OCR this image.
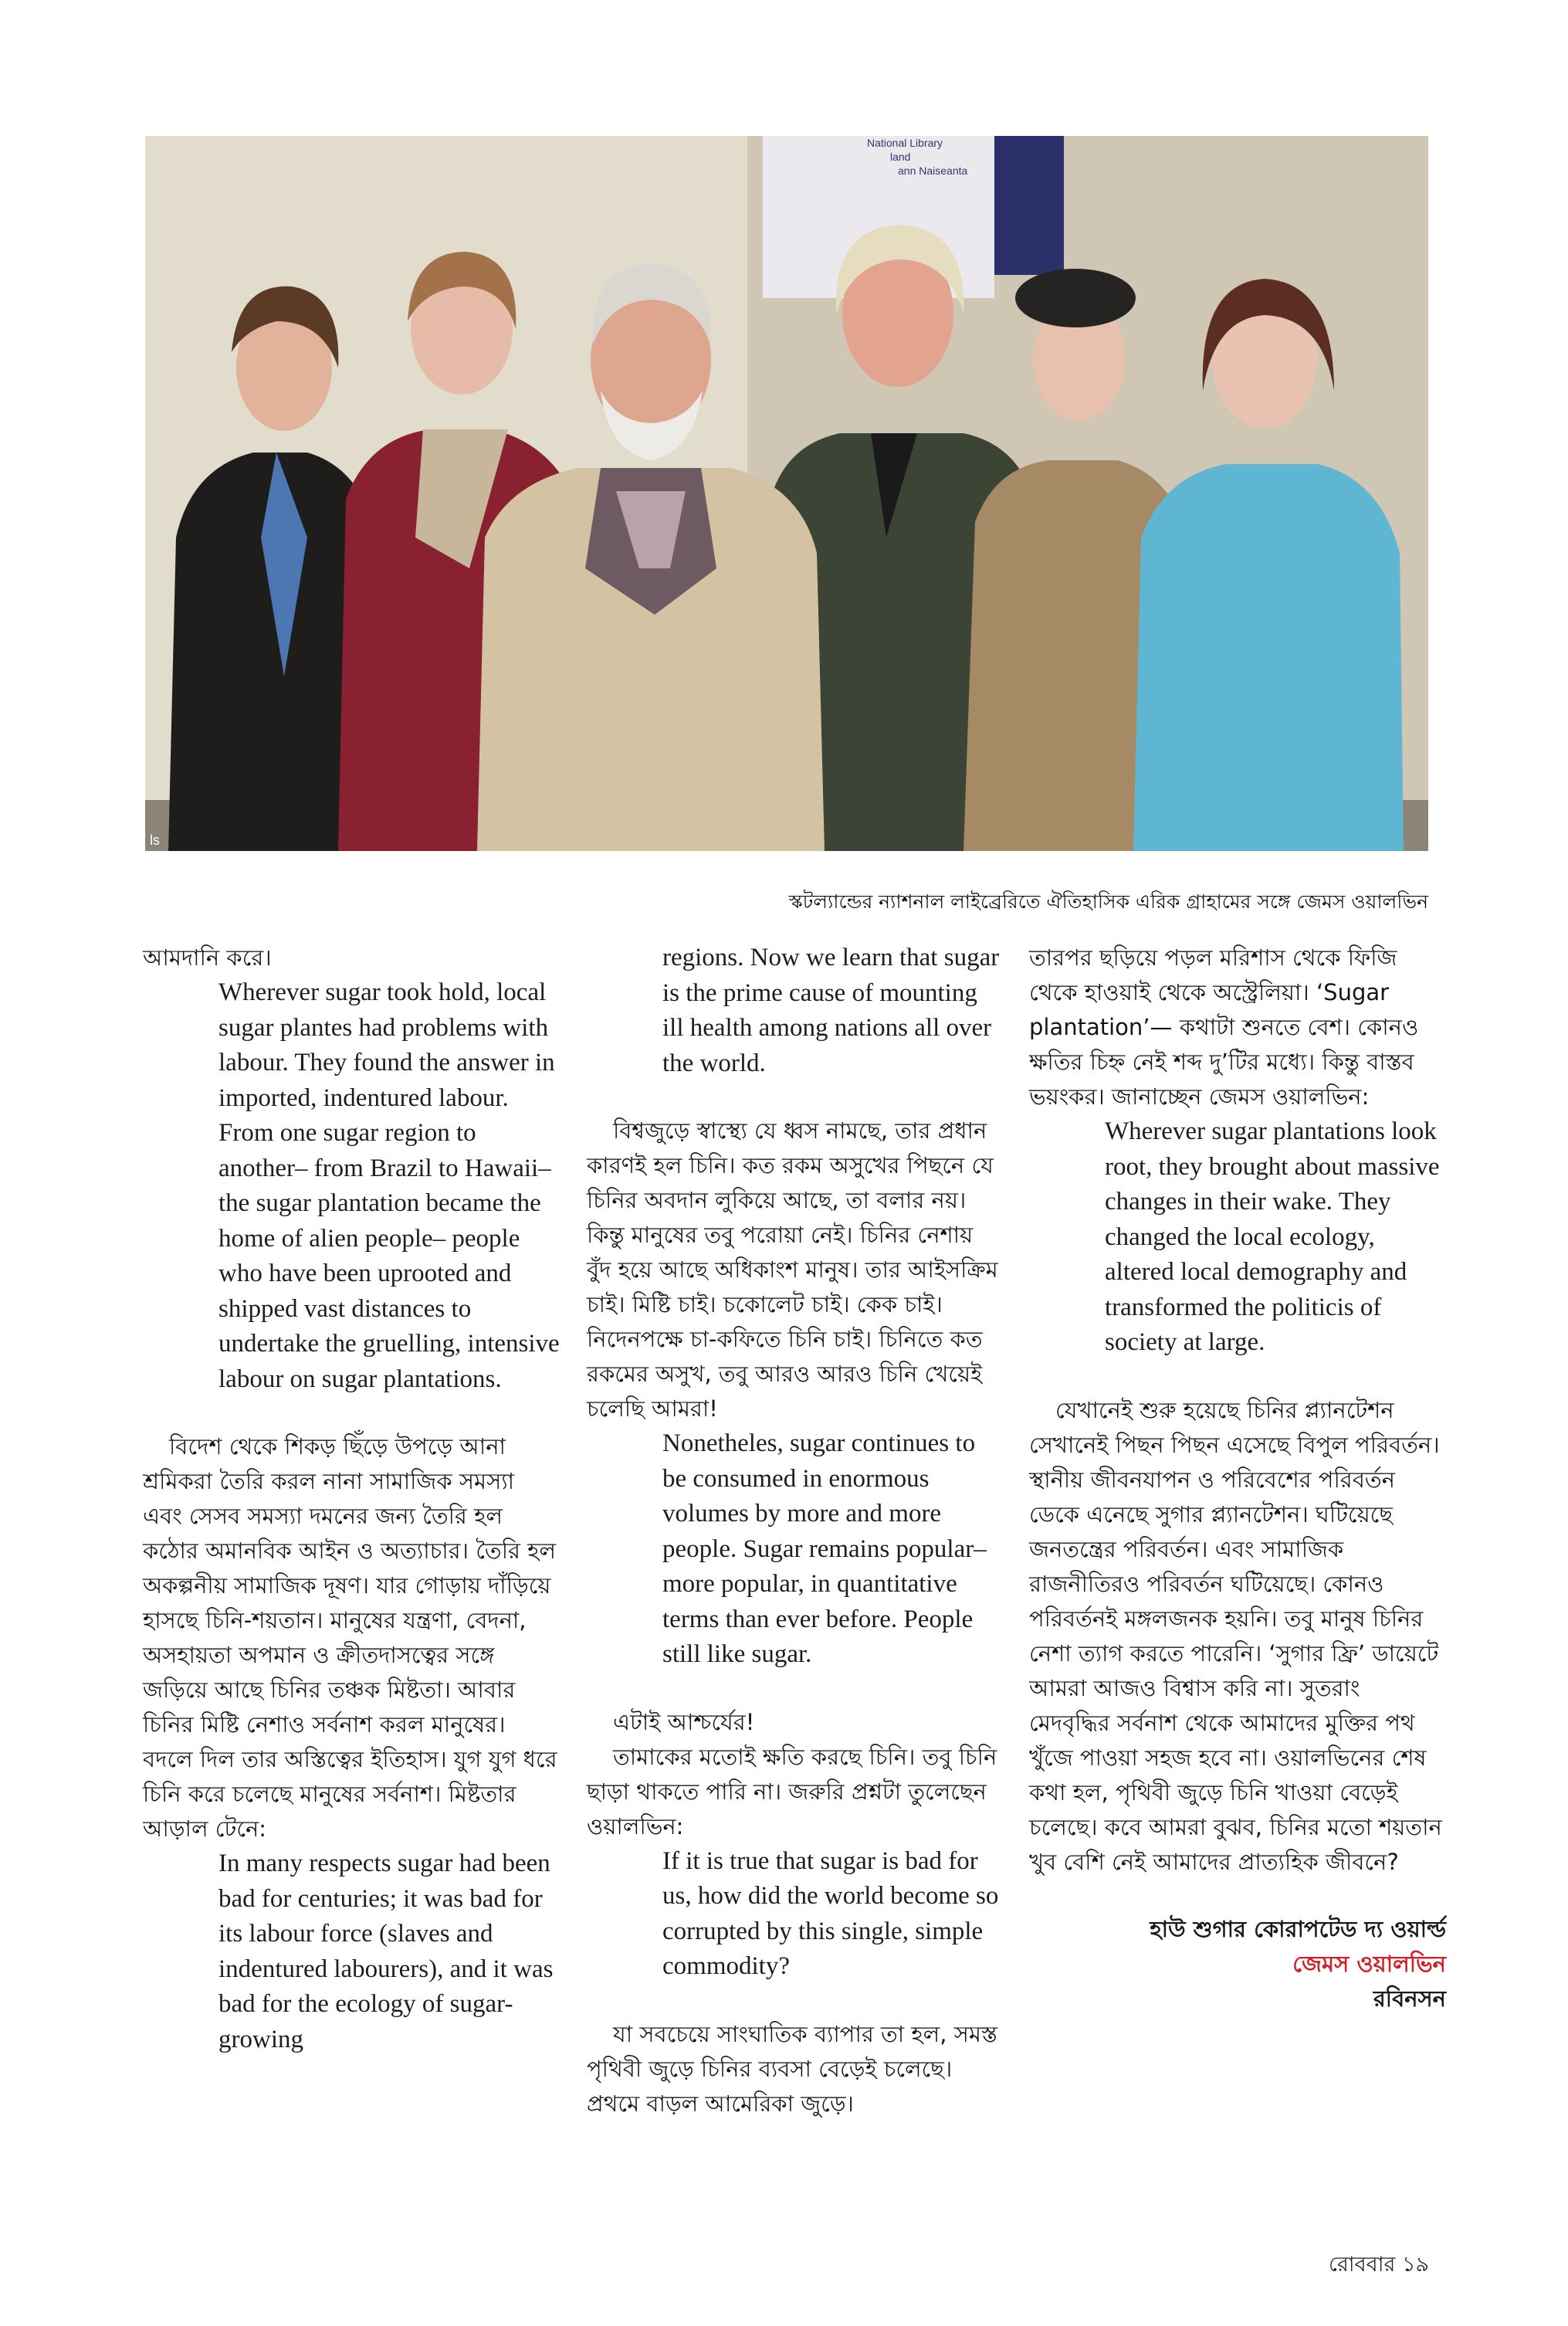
National Library
land
ann Naiseanta
ls
স্কটল্যান্ডের ন্যাশনাল লাইব্রেরিতে ঐতিহাসিক এরিক গ্রাহামের সঙ্গে জেমস ওয়ালভিন

আমদানি করে।

Wherever sugar took hold, local sugar plantes had problems with labour. They found the answer in imported, indentured labour. From one sugar region to another– from Brazil to Hawaii– the sugar plantation became the home of alien people– people who have been uprooted and shipped vast distances to undertake the gruelling, intensive labour on sugar plantations.

বিদেশ থেকে শিকড় ছিঁড়ে উপড়ে আনা শ্রমিকরা তৈরি করল নানা সামাজিক সমস্যা এবং সেসব সমস্যা দমনের জন্য তৈরি হল কঠোর অমানবিক আইন ও অত্যাচার। তৈরি হল অকল্পনীয় সামাজিক দূষণ। যার গোড়ায় দাঁড়িয়ে হাসছে চিনি-শয়তান। মানুষের যন্ত্রণা, বেদনা, অসহায়তা অপমান ও ক্রীতদাসত্বের সঙ্গে জড়িয়ে আছে চিনির তঞ্চক মিষ্টতা। আবার চিনির মিষ্টি নেশাও সর্বনাশ করল মানুষের। বদলে দিল তার অস্তিত্বের ইতিহাস। যুগ যুগ ধরে চিনি করে চলেছে মানুষের সর্বনাশ। মিষ্টতার আড়াল টেনে:

In many respects sugar had been bad for centuries; it was bad for its labour force (slaves and indentured labourers), and it was bad for the ecology of sugar-growing

regions. Now we learn that sugar is the prime cause of mounting ill health among nations all over the world.

বিশ্বজুড়ে স্বাস্থ্যে যে ধ্বস নামছে, তার প্রধান কারণই হল চিনি। কত রকম অসুখের পিছনে যে চিনির অবদান লুকিয়ে আছে, তা বলার নয়। কিন্তু মানুষের তবু পরোয়া নেই। চিনির নেশায় বুঁদ হয়ে আছে অধিকাংশ মানুষ। তার আইসক্রিম চাই। মিষ্টি চাই। চকোলেট চাই। কেক চাই। নিদেনপক্ষে চা-কফিতে চিনি চাই। চিনিতে কত রকমের অসুখ, তবু আরও আরও চিনি খেয়েই চলেছি আমরা!

Nonetheles, sugar continues to be consumed in enormous volumes by more and more people. Sugar remains popular– more popular, in quantitative terms than ever before. People still like sugar.

এটাই আশ্চর্যের!

তামাকের মতোই ক্ষতি করছে চিনি। তবু চিনি ছাড়া থাকতে পারি না। জরুরি প্রশ্নটা তুলেছেন ওয়ালভিন:

If it is true that sugar is bad for us, how did the world become so corrupted by this single, simple commodity?

যা সবচেয়ে সাংঘাতিক ব্যাপার তা হল, সমস্ত পৃথিবী জুড়ে চিনির ব্যবসা বেড়েই চলেছে। প্রথমে বাড়ল আমেরিকা জুড়ে।

তারপর ছড়িয়ে পড়ল মরিশাস থেকে ফিজি থেকে হাওয়াই থেকে অস্ট্রেলিয়া। ‘Sugar plantation’— কথাটা শুনতে বেশ। কোনও ক্ষতির চিহ্ন নেই শব্দ দু’টির মধ্যে। কিন্তু বাস্তব ভয়ংকর। জানাচ্ছেন জেমস ওয়ালভিন:

Wherever sugar plantations look root, they brought about massive changes in their wake. They changed the local ecology, altered local demography and transformed the politicis of society at large.

যেখানেই শুরু হয়েছে চিনির প্ল্যানটেশন সেখানেই পিছন পিছন এসেছে বিপুল পরিবর্তন। স্থানীয় জীবনযাপন ও পরিবেশের পরিবর্তন ডেকে এনেছে সুগার প্ল্যানটেশন। ঘটিয়েছে জনতন্ত্রের পরিবর্তন। এবং সামাজিক রাজনীতিরও পরিবর্তন ঘটিয়েছে। কোনও পরিবর্তনই মঙ্গলজনক হয়নি। তবু মানুষ চিনির নেশা ত্যাগ করতে পারেনি। ‘সুগার ফ্রি’ ডায়েটে আমরা আজও বিশ্বাস করি না। সুতরাং মেদবৃদ্ধির সর্বনাশ থেকে আমাদের মুক্তির পথ খুঁজে পাওয়া সহজ হবে না। ওয়ালভিনের শেষ কথা হল, পৃথিবী জুড়ে চিনি খাওয়া বেড়েই চলেছে। কবে আমরা বুঝব, চিনির মতো শয়তান খুব বেশি নেই আমাদের প্রাত্যহিক জীবনে?

হাউ শুগার কোরাপটেড দ্য ওয়ার্ল্ড
জেমস ওয়ালভিন
রবিনসন
রোববার ১৯
